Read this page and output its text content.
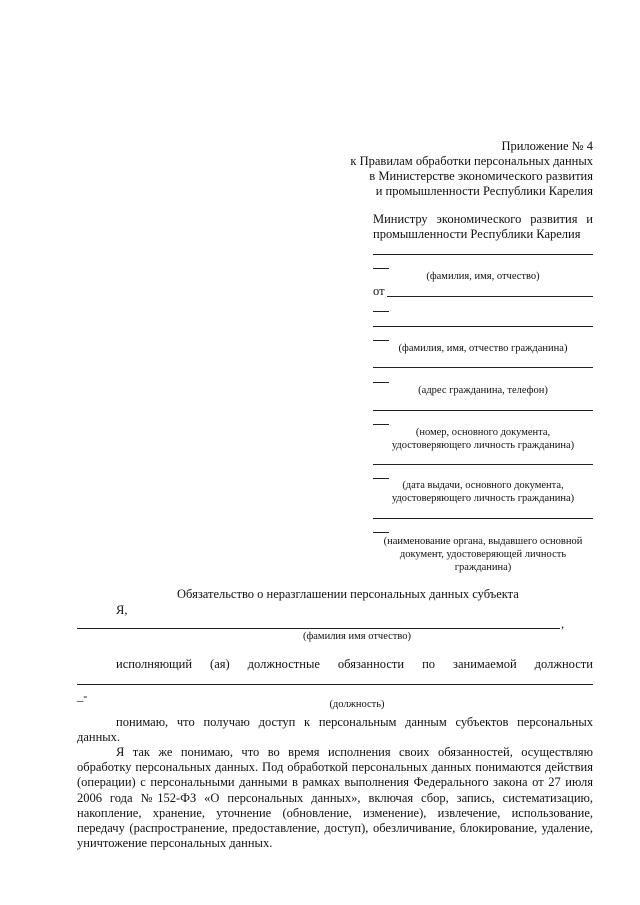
Приложение № 4
к Правилам обработки персональных данных
в Министерстве экономического развития
и промышленности Республики Карелия
Министру экономического развития и
промышленности Республики Карелия
(фамилия, имя, отчество)
от
(фамилия, имя, отчество гражданина)
(адрес гражданина, телефон)
(номер, основного документа,
удостоверяющего личность гражданина)
(дата выдачи, основного документа,
удостоверяющего личность гражданина)
(наименование органа, выдавшего основной
документ, удостоверяющей личность
гражданина)
Обязательство о неразглашении персональных данных субъекта
Я,
,
(фамилия имя отчество)
исполняющий (ая) должностные обязанности по занимаемой должности
_-
(должность)
понимаю, что получаю доступ к персональным данным субъектов персональных
данных.
Я так же понимаю, что во время исполнения своих обязанностей, осуществляю обработку персональных данных. Под обработкой персональных данных понимаются действия (операции) с персональными данными в рамках выполнения Федерального закона от 27 июля 2006 года №152-ФЗ «О персональных данных», включая сбор, запись, систематизацию, накопление, хранение, уточнение (обновление, изменение), извлечение, использование, передачу (распространение, предоставление, доступ), обезличивание, блокирование, удаление, уничтожение персональных данных.
